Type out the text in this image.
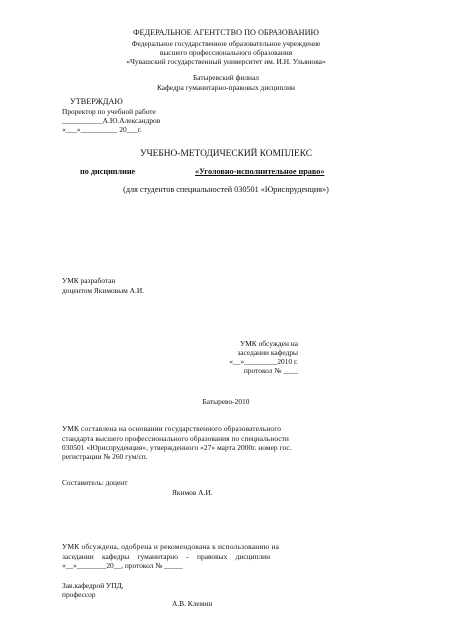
ФЕДЕРАЛЬНОЕ АГЕНТСТВО ПО ОБРАЗОВАНИЮ
Федеральное государственное образовательное учреждение
высшего профессионального образования
«Чувашский государственный университет им. И.Н. Ульянова»
Батыревский филиал
Кафедра гуманитарно-правовых дисциплин
УТВЕРЖДАЮ
Проректор по учебной работе
___________А.Ю.Александров
«___»__________ 20___г.
УЧЕБНО-МЕТОДИЧЕСКИЙ КОМПЛЕКС
по дисциплине	«Уголовно-исполнительное право»
(для студентов специальностей 030501 «Юриспруденция»)
УМК разработан
доцентом Якимовым А.И.
УМК обсужден на
заседании кафедры
«__»_________2010 г.
протокол № ____
Батырево-2010
УМК составлена на основании государственного образовательного
стандарта высшего профессионального образования по специальности
030501 «Юриспруденция», утвержденного «27» марта 2000г. номер гос.
регистрации № 260 гум/сп.
Составитель: доцент
Якимов А.И.
УМК обсуждена, одобрена и рекомендована к использованию на
заседании кафедры гуманитарно - правовых дисциплин
«__»________20__, протокол № _____
Зав.кафедрой УПД,
профессор
А.В. Клемин
